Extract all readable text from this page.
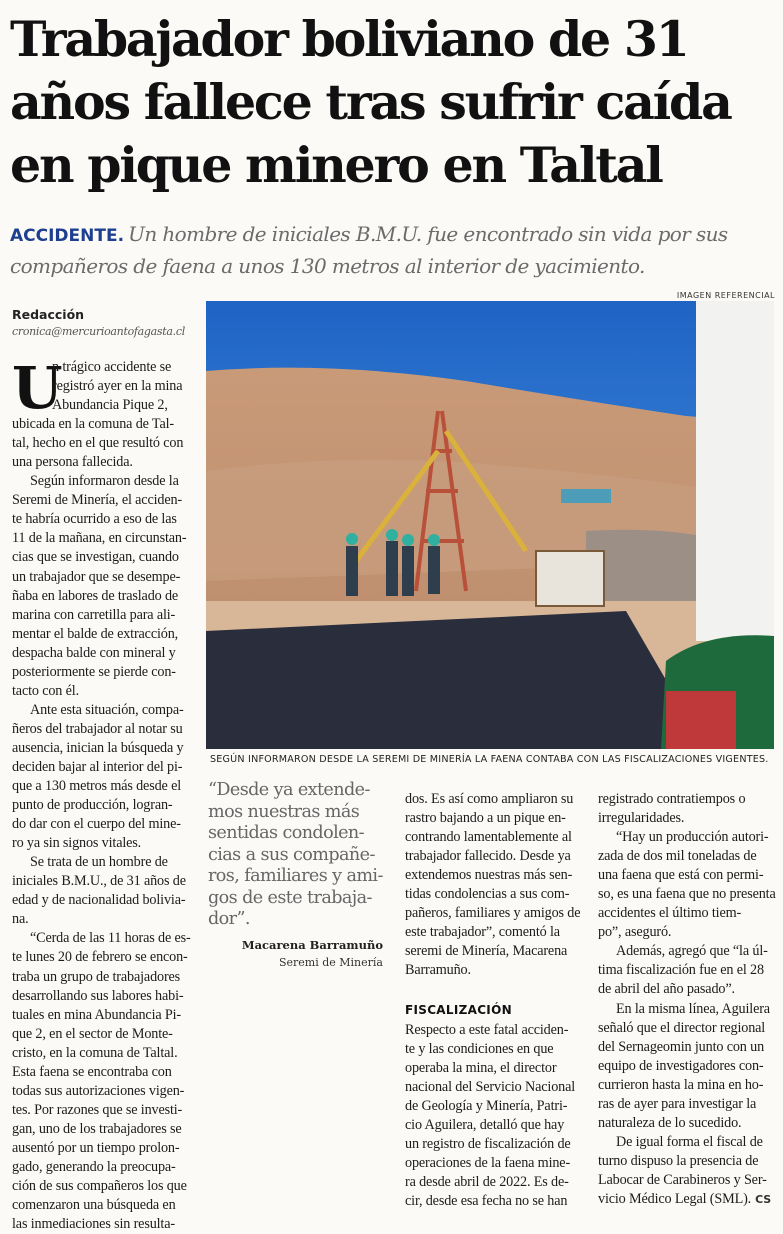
Trabajador boliviano de 31
años fallece tras sufrir caída
en pique minero en Taltal
ACCIDENTE. Un hombre de iniciales B.M.U. fue encontrado sin vida por sus
compañeros de faena a unos 130 metros al interior de yacimiento.
Redacción
cronica@mercurioantofagasta.cl
IMAGEN REFERENCIAL
SEGÚN INFORMARON DESDE LA SEREMI DE MINERÍA LA FAENA CONTABA CON LAS FISCALIZACIONES VIGENTES.
U
n trágico accidente se
registró ayer en la mina
Abundancia Pique 2,
ubicada en la comuna de Tal-
tal, hecho en el que resultó con
una persona fallecida.
Según informaron desde la
Seremi de Minería, el acciden-
te habría ocurrido a eso de las
11 de la mañana, en circunstan-
cias que se investigan, cuando
un trabajador que se desempe-
ñaba en labores de traslado de
marina con carretilla para ali-
mentar el balde de extracción,
despacha balde con mineral y
posteriormente se pierde con-
tacto con él.
Ante esta situación, compa-
ñeros del trabajador al notar su
ausencia, inician la búsqueda y
deciden bajar al interior del pi-
que a 130 metros más desde el
punto de producción, logran-
do dar con el cuerpo del mine-
ro ya sin signos vitales.
Se trata de un hombre de
iniciales B.M.U., de 31 años de
edad y de nacionalidad bolivia-
na.
“Cerda de las 11 horas de es-
te lunes 20 de febrero se encon-
traba un grupo de trabajadores
desarrollando sus labores habi-
tuales en mina Abundancia Pi-
que 2, en el sector de Monte-
cristo, en la comuna de Taltal.
Esta faena se encontraba con
todas sus autorizaciones vigen-
tes. Por razones que se investi-
gan, uno de los trabajadores se
ausentó por un tiempo prolon-
gado, generando la preocupa-
ción de sus compañeros los que
comenzaron una búsqueda en
las inmediaciones sin resulta-
“Desde ya extende-
mos nuestras más
sentidas condolen-
cias a sus compañe-
ros, familiares y ami-
gos de este trabaja-
dor”.
Macarena Barramuño
Seremi de Minería
dos. Es así como ampliaron su
rastro bajando a un pique en-
contrando lamentablemente al
trabajador fallecido. Desde ya
extendemos nuestras más sen-
tidas condolencias a sus com-
pañeros, familiares y amigos de
este trabajador”, comentó la
seremi de Minería, Macarena
Barramuño.
FISCALIZACIÓN
Respecto a este fatal acciden-
te y las condiciones en que
operaba la mina, el director
nacional del Servicio Nacional
de Geología y Minería, Patri-
cio Aguilera, detalló que hay
un registro de fiscalización de
operaciones de la faena mine-
ra desde abril de 2022. Es de-
cir, desde esa fecha no se han
registrado contratiempos o
irregularidades.
“Hay un producción autori-
zada de dos mil toneladas de
una faena que está con permi-
so, es una faena que no presenta
accidentes el último tiem-
po”, aseguró.
Además, agregó que “la úl-
tima fiscalización fue en el 28
de abril del año pasado”.
En la misma línea, Aguilera
señaló que el director regional
del Sernageomin junto con un
equipo de investigadores con-
currieron hasta la mina en ho-
ras de ayer para investigar la
naturaleza de lo sucedido.
De igual forma el fiscal de
turno dispuso la presencia de
Labocar de Carabineros y Ser-
vicio Médico Legal (SML). CS
